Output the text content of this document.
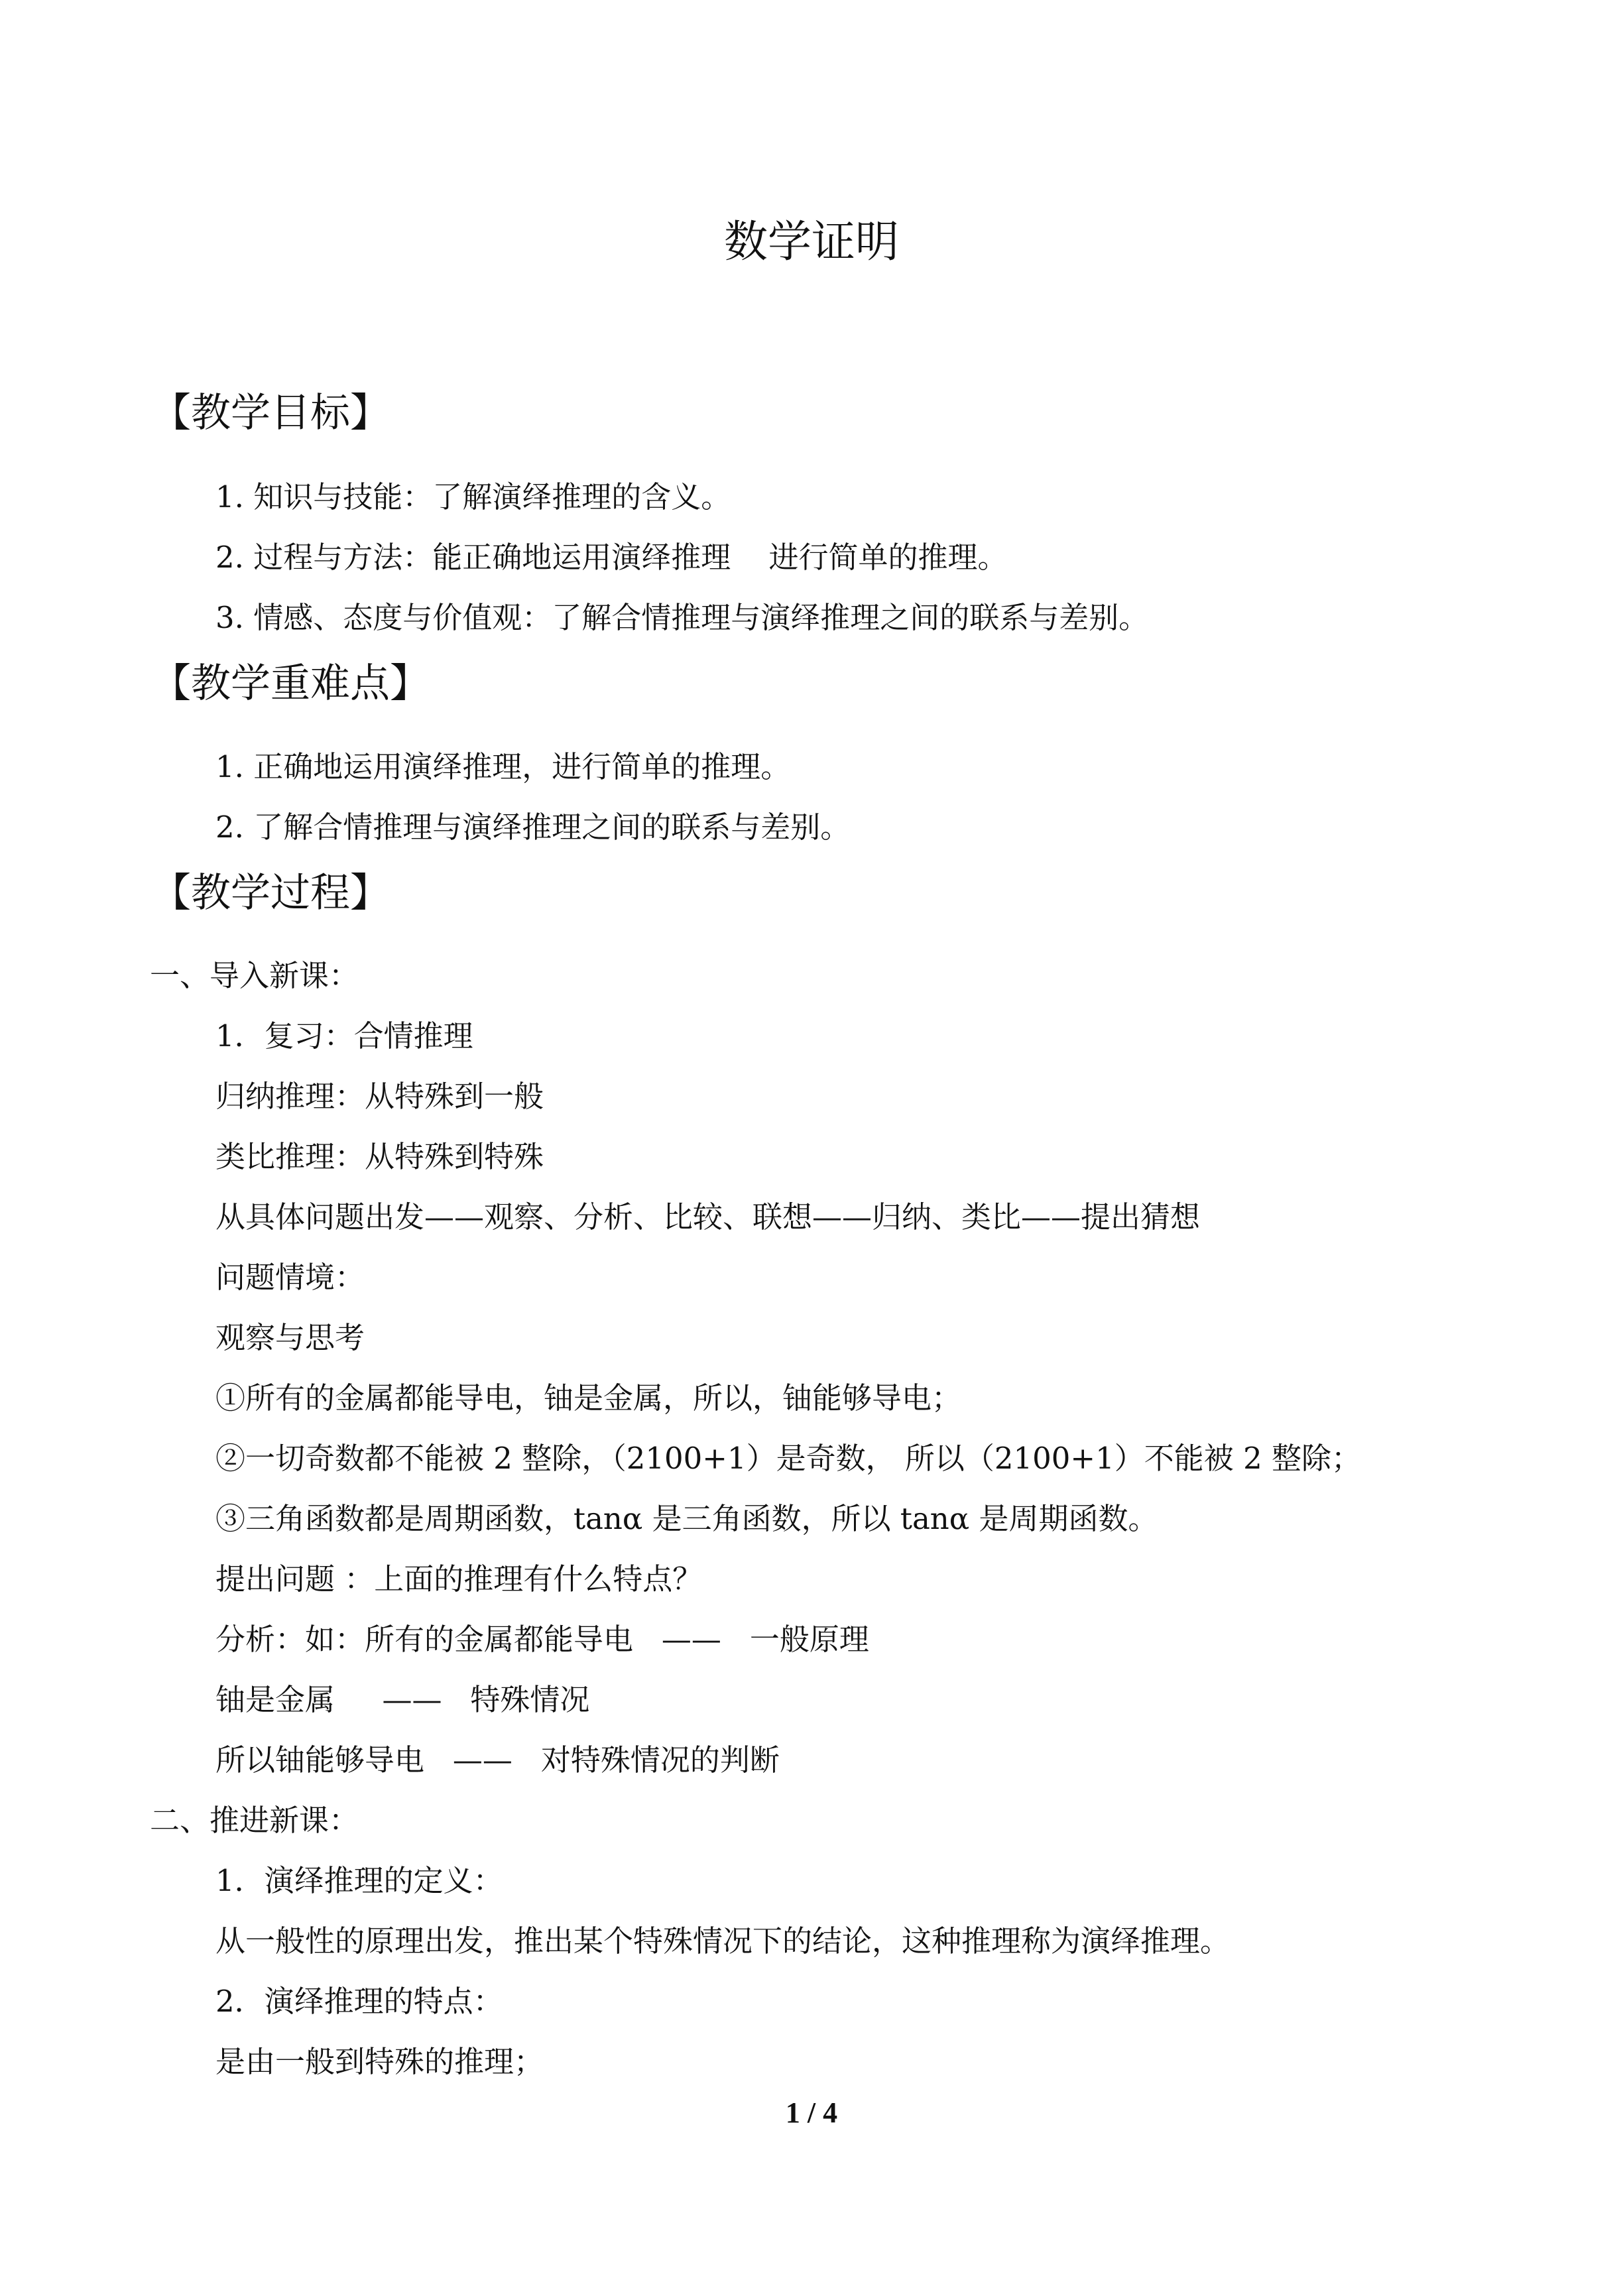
数学证明

【教学目标】

1. 知识与技能：了解演绎推理的含义。

2. 过程与方法：能正确地运用演绎推理    进行简单的推理。

3. 情感、态度与价值观：了解合情推理与演绎推理之间的联系与差别。

【教学重难点】

1. 正确地运用演绎推理，进行简单的推理。

2. 了解合情推理与演绎推理之间的联系与差别。

【教学过程】

一、导入新课：

1．复习：合情推理

归纳推理：从特殊到一般

类比推理：从特殊到特殊

从具体问题出发——观察、分析、比较、联想——归纳、类比——提出猜想

问题情境：

观察与思考

①所有的金属都能导电，铀是金属，所以，铀能够导电；

②一切奇数都不能被 2 整除，（2100+1）是奇数， 所以（2100+1）不能被 2 整除；

③三角函数都是周期函数，tanα 是三角函数，所以 tanα 是周期函数。

提出问题 ：上面的推理有什么特点？

分析：如：所有的金属都能导电   ——   一般原理

铀是金属     ——   特殊情况

所以铀能够导电   ——   对特殊情况的判断

二、推进新课：

1．演绎推理的定义：

从一般性的原理出发，推出某个特殊情况下的结论，这种推理称为演绎推理。

2．演绎推理的特点：

是由一般到特殊的推理；

1 / 4
